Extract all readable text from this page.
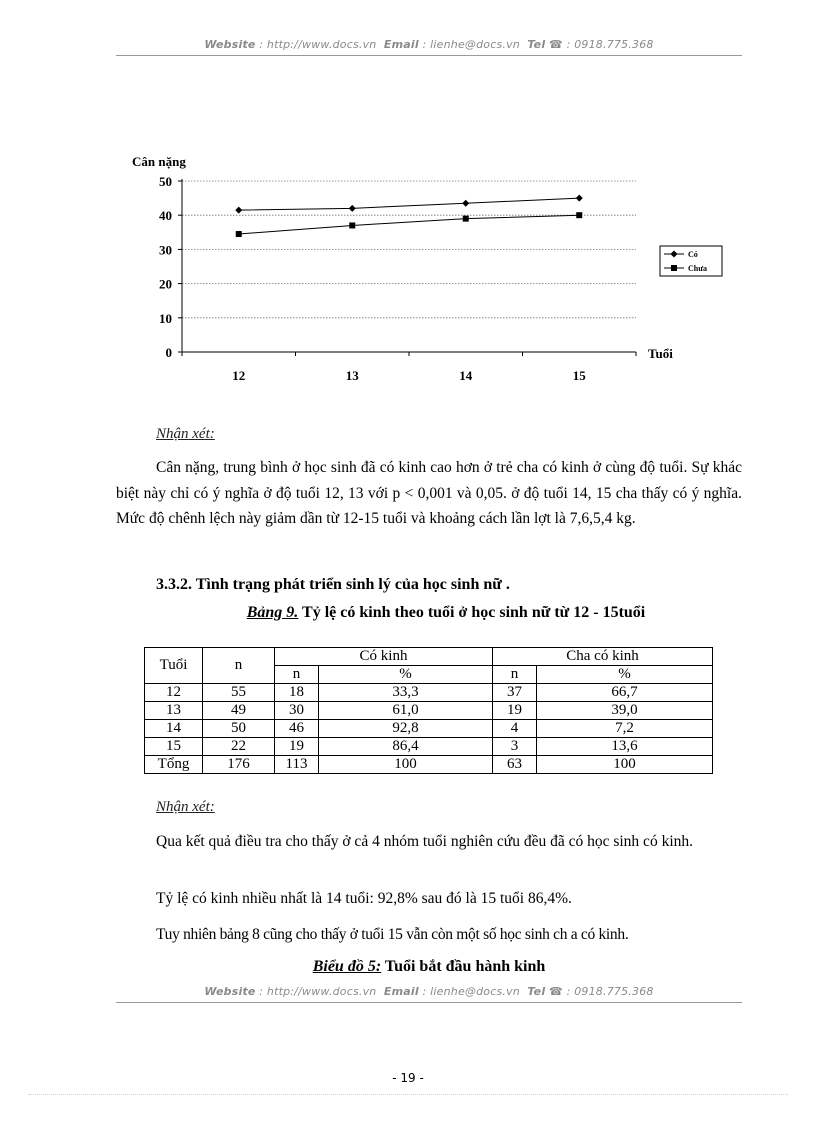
Website : http://www.docs.vn Email : lienhe@docs.vn Tel ☎ : 0918.775.368
Cân nặng
Tuổi
0
10
20
30
40
50
12	13	14	15
Có
Chưa
Nhận xét:
Cân nặng, trung bình ở học sinh đã có kinh cao hơn ở trẻ cha có kinh ở cùng độ tuổi. Sự khác biệt này chỉ có ý nghĩa ở độ tuổi 12, 13 với p < 0,001 và 0,05. ở độ tuổi 14, 15 cha thấy có ý nghĩa. Mức độ chênh lệch này giảm dần từ 12-15 tuổi và khoảng cách lần lợt là 7,6,5,4 kg.
3.3.2. Tình trạng phát triển sinh lý của học sinh nữ .
Bảng 9. Tỷ lệ có kinh theo tuổi ở học sinh nữ từ 12 - 15tuổi
Tuổi	n	Có kinh		Cha có kinh	
		n	%	n	%
12	55	18	33,3	37	66,7
13	49	30	61,0	19	39,0
14	50	46	92,8	4	7,2
15	22	19	86,4	3	13,6
Tổng	176	113	100	63	100
Nhận xét:
Qua kết quả điều tra cho thấy ở cả 4 nhóm tuổi nghiên cứu đều đã có học sinh có kinh.
Tỷ lệ có kinh nhiều nhất là 14 tuổi: 92,8% sau đó là 15 tuổi 86,4%.
Tuy nhiên bảng 8 cũng cho thấy ở tuổi 15 vẫn còn một số học sinh ch a có kinh.
Biểu đồ 5: Tuổi bắt đầu hành kinh
Website : http://www.docs.vn Email : lienhe@docs.vn Tel ☎ : 0918.775.368
- 19 -
